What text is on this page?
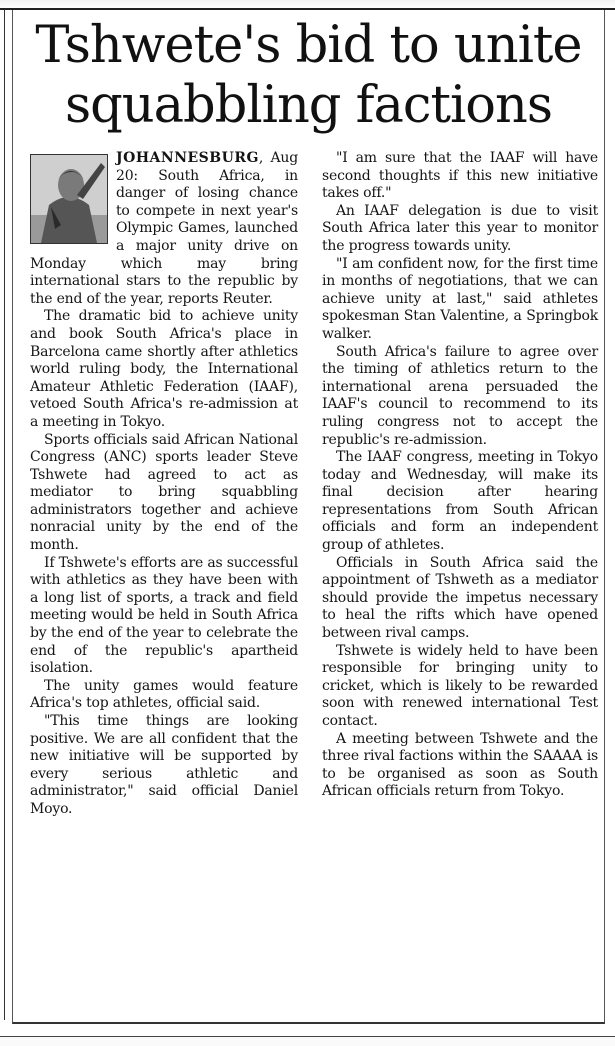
Tshwete's bid to unite squabbling factions

JOHANNESBURG, Aug 20: South Africa, in danger of losing chance to compete in next year's Olympic Games, launched a major unity drive on Monday which may bring international stars to the republic by the end of the year, reports Reuter.

The dramatic bid to achieve unity and book South Africa's place in Barcelona came shortly after athletics world ruling body, the International Amateur Athletic Federation (IAAF), vetoed South Africa's re-admission at a meeting in Tokyo.

Sports officials said African National Congress (ANC) sports leader Steve Tshwete had agreed to act as mediator to bring squabbling administrators together and achieve nonracial unity by the end of the month.

If Tshwete's efforts are as successful with athletics as they have been with a long list of sports, a track and field meeting would be held in South Africa by the end of the year to celebrate the end of the republic's apartheid isolation.

The unity games would feature Africa's top athletes, official said.

"This time things are looking positive. We are all confident that the new initiative will be supported by every serious athletic and administrator," said official Daniel Moyo.

"I am sure that the IAAF will have second thoughts if this new initiative takes off."

An IAAF delegation is due to visit South Africa later this year to monitor the progress towards unity.

"I am confident now, for the first time in months of negotiations, that we can achieve unity at last," said athletes spokesman Stan Valentine, a Springbok walker.

South Africa's failure to agree over the timing of athletics return to the international arena persuaded the IAAF's council to recommend to its ruling congress not to accept the republic's re-admission.

The IAAF congress, meeting in Tokyo today and Wednesday, will make its final decision after hearing representations from South African officials and form an independent group of athletes.

Officials in South Africa said the appointment of Tshweth as a mediator should provide the impetus necessary to heal the rifts which have opened between rival camps.

Tshwete is widely held to have been responsible for bringing unity to cricket, which is likely to be rewarded soon with renewed international Test contact.

A meeting between Tshwete and the three rival factions within the SAAAA is to be organised as soon as South African officials return from Tokyo.
